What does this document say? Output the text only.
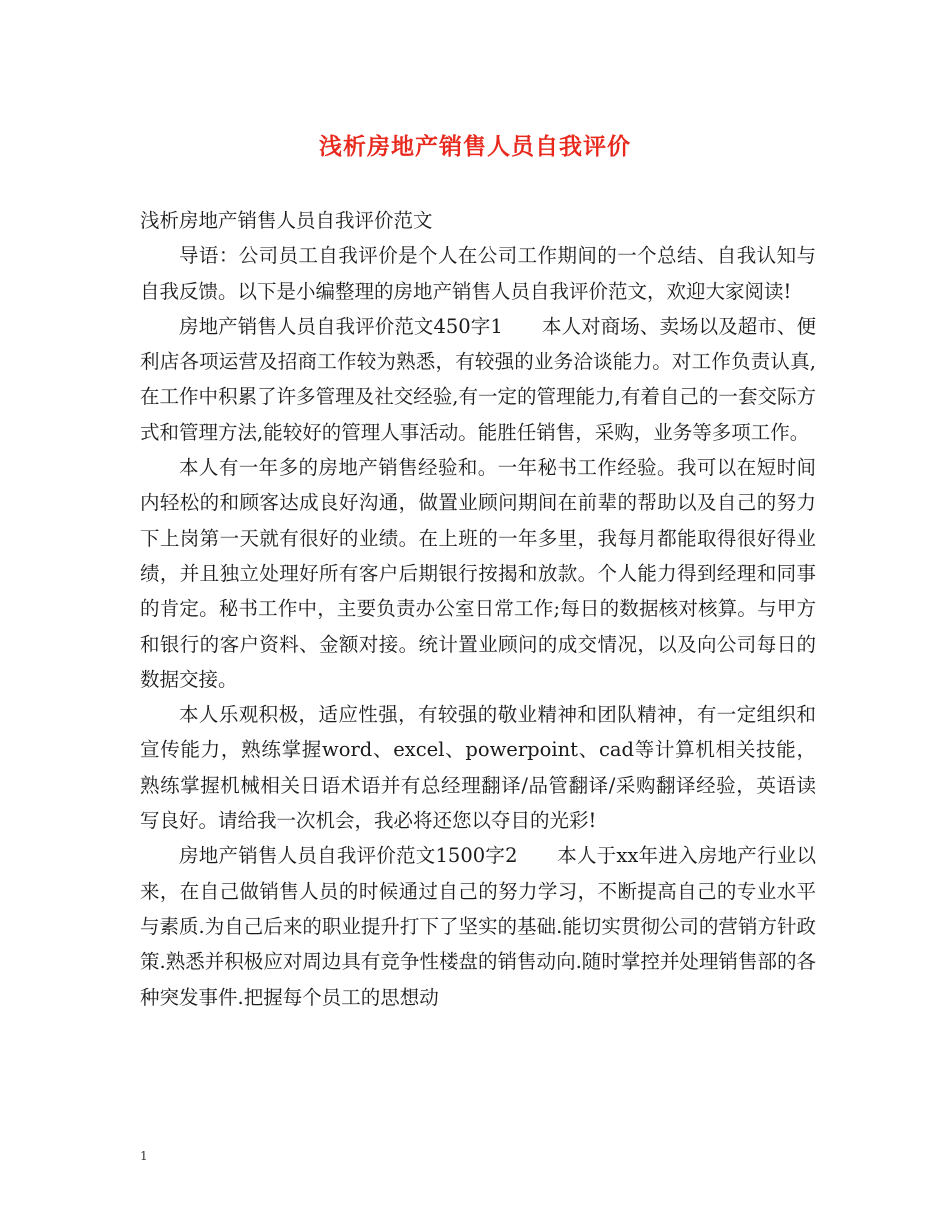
浅析房地产销售人员自我评价

浅析房地产销售人员自我评价范文

导语：公司员工自我评价是个人在公司工作期间的一个总结、自我认知与自我反馈。以下是小编整理的房地产销售人员自我评价范文，欢迎大家阅读!

房地产销售人员自我评价范文450字1　　本人对商场、卖场以及超市、便利店各项运营及招商工作较为熟悉，有较强的业务洽谈能力。对工作负责认真,在工作中积累了许多管理及社交经验,有一定的管理能力,有着自己的一套交际方式和管理方法,能较好的管理人事活动。能胜任销售，采购，业务等多项工作。

本人有一年多的房地产销售经验和。一年秘书工作经验。我可以在短时间内轻松的和顾客达成良好沟通，做置业顾问期间在前辈的帮助以及自己的努力下上岗第一天就有很好的业绩。在上班的一年多里，我每月都能取得很好得业绩，并且独立处理好所有客户后期银行按揭和放款。个人能力得到经理和同事的肯定。秘书工作中，主要负责办公室日常工作;每日的数据核对核算。与甲方和银行的客户资料、金额对接。统计置业顾问的成交情况，以及向公司每日的数据交接。

本人乐观积极，适应性强，有较强的敬业精神和团队精神，有一定组织和宣传能力，熟练掌握word、excel、powerpoint、cad等计算机相关技能，熟练掌握机械相关日语术语并有总经理翻译/品管翻译/采购翻译经验，英语读写良好。请给我一次机会，我必将还您以夺目的光彩!

房地产销售人员自我评价范文1500字2　　本人于xx年进入房地产行业以来，在自己做销售人员的时候通过自己的努力学习，不断提高自己的专业水平与素质.为自己后来的职业提升打下了坚实的基础.能切实贯彻公司的营销方针政策.熟悉并积极应对周边具有竞争性楼盘的销售动向.随时掌控并处理销售部的各种突发事件.把握每个员工的思想动

1
